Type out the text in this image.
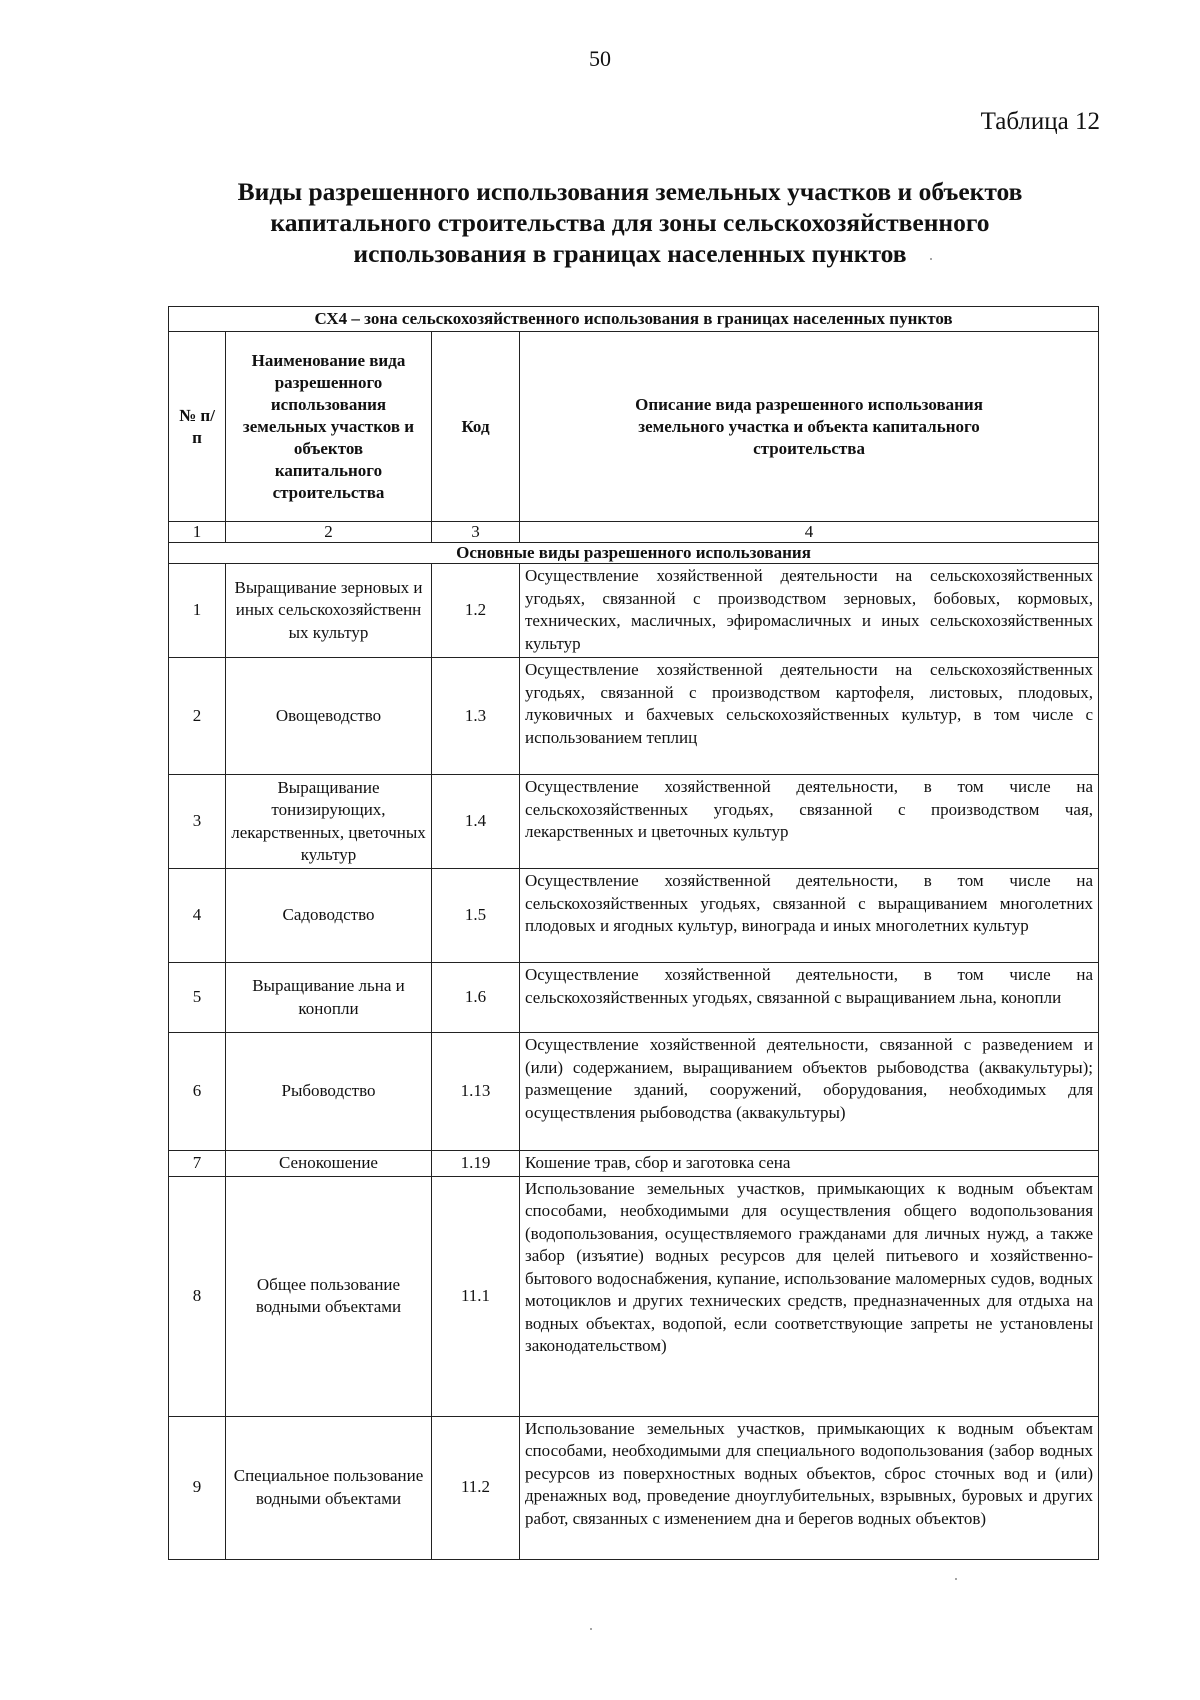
50
Таблица 12
Виды разрешенного использования земельных участков и объектов
капитального строительства для зоны сельскохозяйственного
использования в границах населенных пунктов
СХ4 – зона сельскохозяйственного использования в границах населенных пунктов			
№ п/п	Наименование вида разрешенного использования земельных участков и объектов капитального строительства	Код	Описание вида разрешенного использования земельного участка и объекта капитального строительства
1	2	3	4
Основные виды разрешенного использования			
1	Выращивание зерновых и иных сельскохозяйственн ых культур	1.2	Осуществление хозяйственной деятельности на сельскохозяйственных угодьях, связанной с производством зерновых, бобовых, кормовых, технических, масличных, эфиромасличных и иных сельскохозяйственных культур
2	Овощеводство	1.3	Осуществление хозяйственной деятельности на сельскохозяйственных угодьях, связанной с производством картофеля, листовых, плодовых, луковичных и бахчевых сельскохозяйственных культур, в том числе с использованием теплиц
3	Выращивание тонизирующих, лекарственных, цветочных культур	1.4	Осуществление хозяйственной деятельности, в том числе на сельскохозяйственных угодьях, связанной с производством чая, лекарственных и цветочных культур
4	Садоводство	1.5	Осуществление хозяйственной деятельности, в том числе на сельскохозяйственных угодьях, связанной с выращиванием многолетних плодовых и ягодных культур, винограда и иных многолетних культур
5	Выращивание льна и конопли	1.6	Осуществление хозяйственной деятельности, в том числе на сельскохозяйственных угодьях, связанной с выращиванием льна, конопли
6	Рыбоводство	1.13	Осуществление хозяйственной деятельности, связанной с разведением и (или) содержанием, выращиванием объектов рыбоводства (аквакультуры); размещение зданий, сооружений, оборудования, необходимых для осуществления рыбоводства (аквакультуры)
7	Сенокошение	1.19	Кошение трав, сбор и заготовка сена
8	Общее пользование водными объектами	11.1	Использование земельных участков, примыкающих к водным объектам способами, необходимыми для осуществления общего водопользования (водопользования, осуществляемого гражданами для личных нужд, а также забор (изъятие) водных ресурсов для целей питьевого и хозяйственно-бытового водоснабжения, купание, использование маломерных судов, водных мотоциклов и других технических средств, предназначенных для отдыха на водных объектах, водопой, если соответствующие запреты не установлены законодательством)
9	Специальное пользование водными объектами	11.2	Использование земельных участков, примыкающих к водным объектам способами, необходимыми для специального водопользования (забор водных ресурсов из поверхностных водных объектов, сброс сточных вод и (или) дренажных вод, проведение дноуглубительных, взрывных, буровых и других работ, связанных с изменением дна и берегов водных объектов)
